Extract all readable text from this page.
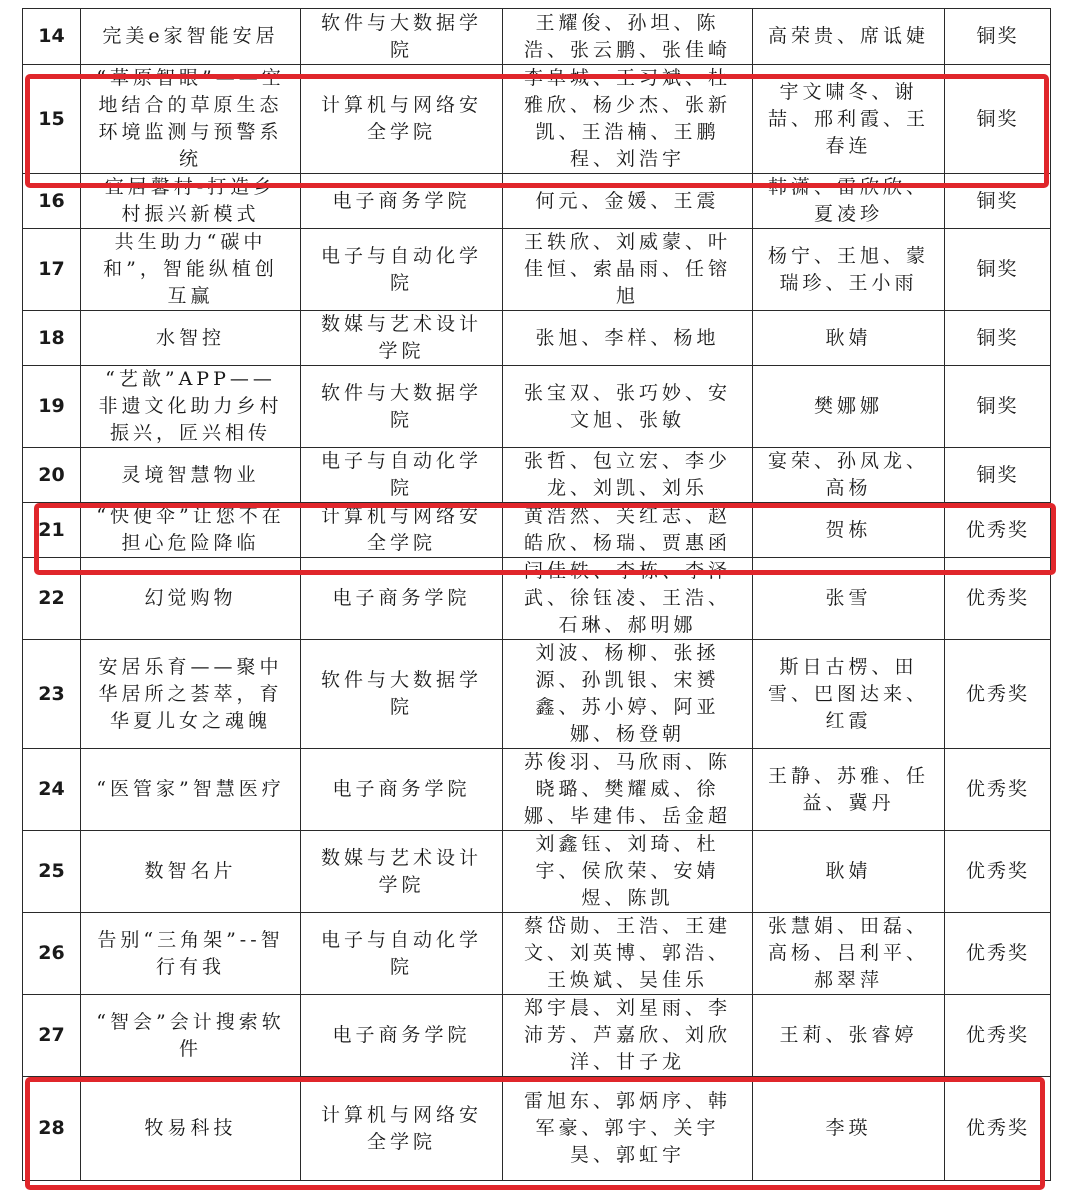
14	完美e家智能安居	软件与大数据学院	王耀俊、孙坦、陈浩、张云鹏、张佳崎	高荣贵、席诋婕	铜奖
15	“草原智眼”——空地结合的草原生态环境监测与预警系统	计算机与网络安全学院	李阜城、王习斌、杜雅欣、杨少杰、张新凯、王浩楠、王鹏程、刘浩宇	宇文啸冬、谢喆、邢利霞、王春连	铜奖
16	宜居馨村-打造乡村振兴新模式	电子商务学院	何元、金媛、王震	韩潇、雷欣欣、夏凌珍	铜奖
17	共生助力“碳中和”，智能纵植创互赢	电子与自动化学院	王轶欣、刘威蒙、叶佳恒、索晶雨、任镕旭	杨宁、王旭、蒙瑞珍、王小雨	铜奖
18	水智控	数媒与艺术设计学院	张旭、李样、杨地	耿婧	铜奖
19	“艺歆”APP——非遗文化助力乡村振兴，匠兴相传	软件与大数据学院	张宝双、张巧妙、安文旭、张敏	樊娜娜	铜奖
20	灵境智慧物业	电子与自动化学院	张哲、包立宏、李少龙、刘凯、刘乐	宴荣、孙凤龙、高杨	铜奖
21	“快便伞”让您不在担心危险降临	计算机与网络安全学院	黄浩然、关红志、赵皓欣、杨瑞、贾惠函	贺栋	优秀奖
22	幻觉购物	电子商务学院	闫佳轶、李栋、李泽武、徐钰凌、王浩、石琳、郝明娜	张雪	优秀奖
23	安居乐育——聚中华居所之荟萃，育华夏儿女之魂魄	软件与大数据学院	刘波、杨柳、张拯源、孙凯银、宋赟鑫、苏小婷、阿亚娜、杨登朝	斯日古楞、田雪、巴图达来、红霞	优秀奖
24	“医管家”智慧医疗	电子商务学院	苏俊羽、马欣雨、陈晓璐、樊耀威、徐娜、毕建伟、岳金超	王静、苏雅、任益、冀丹	优秀奖
25	数智名片	数媒与艺术设计学院	刘鑫钰、刘琦、杜宇、侯欣荣、安婧煜、陈凯	耿婧	优秀奖
26	告别“三角架”--智行有我	电子与自动化学院	蔡岱勋、王浩、王建文、刘英博、郭浩、王焕斌、吴佳乐	张慧娟、田磊、高杨、吕利平、郝翠萍	优秀奖
27	“智会”会计搜索软件	电子商务学院	郑宇晨、刘星雨、李沛芳、芦嘉欣、刘欣洋、甘子龙	王莉、张睿婷	优秀奖
28	牧易科技	计算机与网络安全学院	雷旭东、郭炳序、韩军豪、郭宇、关宇昊、郭虹宇	李瑛	优秀奖
